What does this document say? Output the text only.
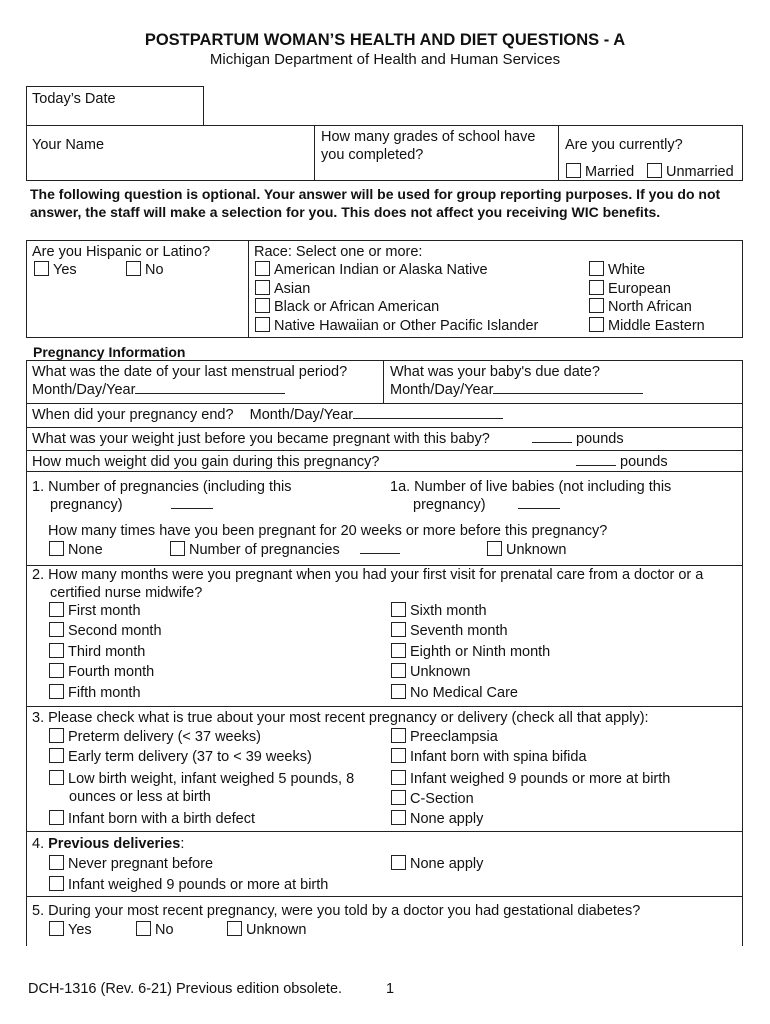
POSTPARTUM WOMAN’S HEALTH AND DIET QUESTIONS - A
Michigan Department of Health and Human Services
Today’s Date
Your Name	How many grades of school have you completed?
Are you currently?
Married	Unmarried
The following question is optional. Your answer will be used for group reporting purposes. If you do not answer, the staff will make a selection for you. This does not affect you receiving WIC benefits.
Are you Hispanic or Latino?
Yes	No
Race: Select one or more:
American Indian or Alaska Native
Asian
Black or African American
Native Hawaiian or Other Pacific Islander
White
European
North African
Middle Eastern
Pregnancy Information
What was the date of your last menstrual period?
Month/Day/Year
What was your baby's due date?
Month/Day/Year
When did your pregnancy end? Month/Day/Year
What was your weight just before you became pregnant with this baby?	pounds
How much weight did you gain during this pregnancy?	pounds
1. Number of pregnancies (including this
pregnancy)
1a. Number of live babies (not including this
pregnancy)
How many times have you been pregnant for 20 weeks or more before this pregnancy?
None	Number of pregnancies	Unknown
2. How many months were you pregnant when you had your first visit for prenatal care from a doctor or a
certified nurse midwife?
First month
Second month
Third month
Fourth month
Fifth month
Sixth month
Seventh month
Eighth or Ninth month
Unknown
No Medical Care
3. Please check what is true about your most recent pregnancy or delivery (check all that apply):
Preterm delivery (< 37 weeks)
Early term delivery (37 to < 39 weeks)
Low birth weight, infant weighed 5 pounds, 8
ounces or less at birth
Infant born with a birth defect
Preeclampsia
Infant born with spina bifida
Infant weighed 9 pounds or more at birth
C-Section
None apply
4. Previous deliveries:
Never pregnant before
Infant weighed 9 pounds or more at birth
None apply
5. During your most recent pregnancy, were you told by a doctor you had gestational diabetes?
Yes	No	Unknown
DCH-1316 (Rev. 6-21) Previous edition obsolete.	1
